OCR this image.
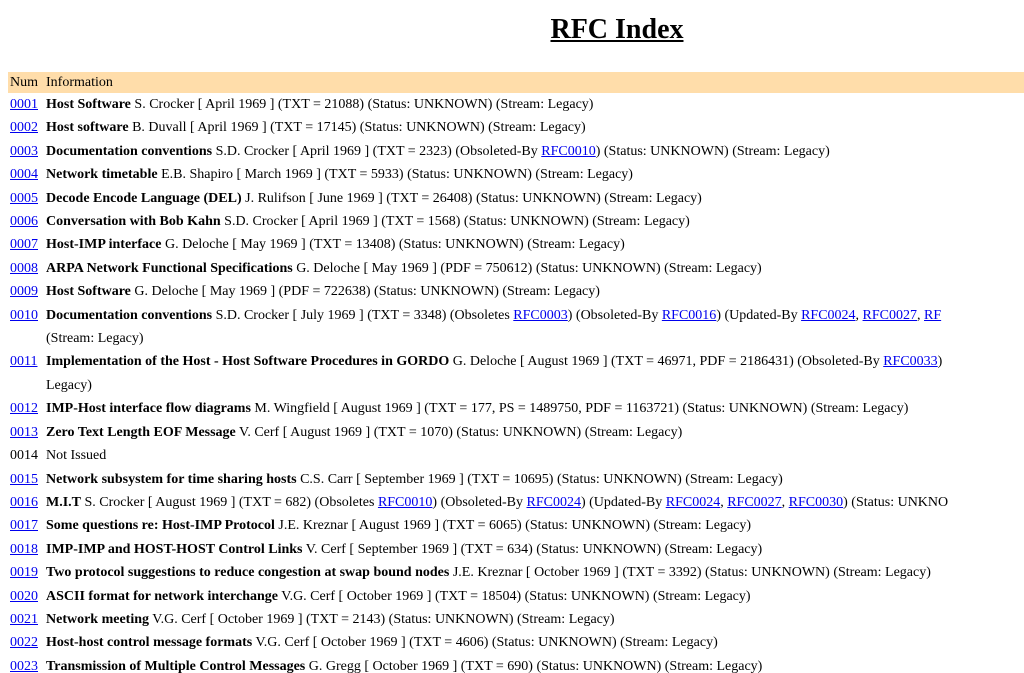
RFC Index
Num	Information
0001	Host Software S. Crocker [ April 1969 ] (TXT = 21088) (Status: UNKNOWN) (Stream: Legacy)

0002	Host software B. Duvall [ April 1969 ] (TXT = 17145) (Status: UNKNOWN) (Stream: Legacy)

0003	Documentation conventions S.D. Crocker [ April 1969 ] (TXT = 2323) (Obsoleted-By RFC0010) (Status: UNKNOWN) (Stream: Legacy)

0004	Network timetable E.B. Shapiro [ March 1969 ] (TXT = 5933) (Status: UNKNOWN) (Stream: Legacy)

0005	Decode Encode Language (DEL) J. Rulifson [ June 1969 ] (TXT = 26408) (Status: UNKNOWN) (Stream: Legacy)

0006	Conversation with Bob Kahn S.D. Crocker [ April 1969 ] (TXT = 1568) (Status: UNKNOWN) (Stream: Legacy)

0007	Host-IMP interface G. Deloche [ May 1969 ] (TXT = 13408) (Status: UNKNOWN) (Stream: Legacy)

0008	ARPA Network Functional Specifications G. Deloche [ May 1969 ] (PDF = 750612) (Status: UNKNOWN) (Stream: Legacy)

0009	Host Software G. Deloche [ May 1969 ] (PDF = 722638) (Status: UNKNOWN) (Stream: Legacy)

0010	Documentation conventions S.D. Crocker [ July 1969 ] (TXT = 3348) (Obsoletes RFC0003) (Obsoleted-By RFC0016) (Updated-By RFC0024, RFC0027, RF
(Stream: Legacy)

0011	Implementation of the Host - Host Software Procedures in GORDO G. Deloche [ August 1969 ] (TXT = 46971, PDF = 2186431) (Obsoleted-By RFC0033)
Legacy)

0012	IMP-Host interface flow diagrams M. Wingfield [ August 1969 ] (TXT = 177, PS = 1489750, PDF = 1163721) (Status: UNKNOWN) (Stream: Legacy)

0013	Zero Text Length EOF Message V. Cerf [ August 1969 ] (TXT = 1070) (Status: UNKNOWN) (Stream: Legacy)

0014	Not Issued

0015	Network subsystem for time sharing hosts C.S. Carr [ September 1969 ] (TXT = 10695) (Status: UNKNOWN) (Stream: Legacy)

0016	M.I.T S. Crocker [ August 1969 ] (TXT = 682) (Obsoletes RFC0010) (Obsoleted-By RFC0024) (Updated-By RFC0024, RFC0027, RFC0030) (Status: UNKNO

0017	Some questions re: Host-IMP Protocol J.E. Kreznar [ August 1969 ] (TXT = 6065) (Status: UNKNOWN) (Stream: Legacy)

0018	IMP-IMP and HOST-HOST Control Links V. Cerf [ September 1969 ] (TXT = 634) (Status: UNKNOWN) (Stream: Legacy)

0019	Two protocol suggestions to reduce congestion at swap bound nodes J.E. Kreznar [ October 1969 ] (TXT = 3392) (Status: UNKNOWN) (Stream: Legacy)

0020	ASCII format for network interchange V.G. Cerf [ October 1969 ] (TXT = 18504) (Status: UNKNOWN) (Stream: Legacy)

0021	Network meeting V.G. Cerf [ October 1969 ] (TXT = 2143) (Status: UNKNOWN) (Stream: Legacy)

0022	Host-host control message formats V.G. Cerf [ October 1969 ] (TXT = 4606) (Status: UNKNOWN) (Stream: Legacy)

0023	Transmission of Multiple Control Messages G. Gregg [ October 1969 ] (TXT = 690) (Status: UNKNOWN) (Stream: Legacy)
